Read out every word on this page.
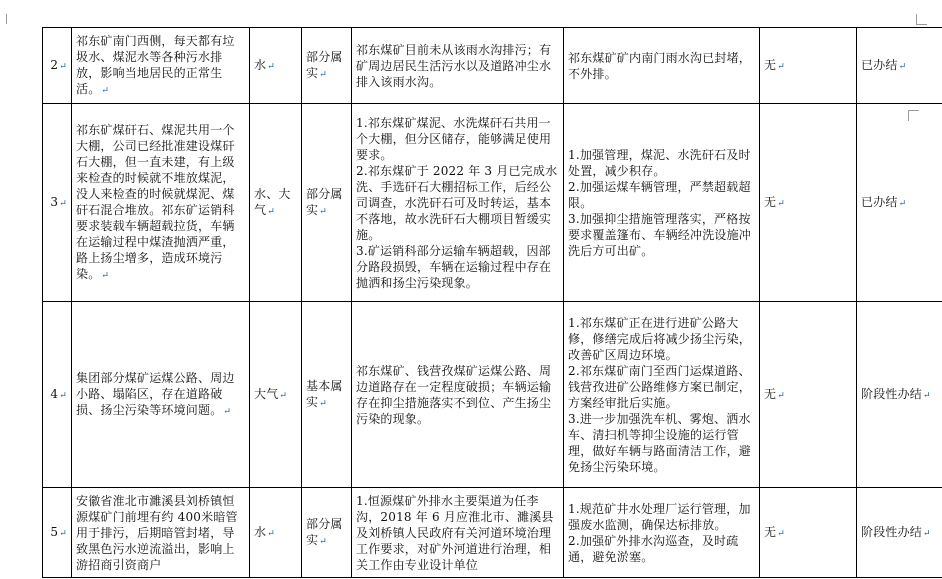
2↵	祁东矿南门西侧，每天都有垃圾水、煤泥水等各种污水排放，影响当地居民的正常生活。↵	水↵	部分属实↵	祁东煤矿目前未从该雨水沟排污；有矿周边居民生活污水以及道路冲尘水排入该雨水沟。	祁东煤矿矿内南门雨水沟已封堵，不外排。	无↵	已办结↵
3↵	祁东矿煤矸石、煤泥共用一个大棚，公司已经批准建设煤矸石大棚，但一直未建，有上级来检查的时候就不堆放煤泥，没人来检查的时候就煤泥、煤矸石混合堆放。祁东矿运销科要求装载车辆超载拉货，车辆在运输过程中煤渣抛洒严重，路上扬尘增多，造成环境污染。↵	水、大气↵	部分属实↵	1.祁东煤矿煤泥、水洗煤矸石共用一个大棚，但分区储存，能够满足使用要求。
2.祁东煤矿于 2022 年 3 月已完成水洗、手选矸石大棚招标工作，后经公司调查，水洗矸石可及时转运，基本不落地，故水洗矸石大棚项目暂缓实施。
3.矿运销科部分运输车辆超载，因部分路段损毁，车辆在运输过程中存在抛洒和扬尘污染现象。	1.加强管理，煤泥、水洗矸石及时处置，减少积存。
2.加强运煤车辆管理，严禁超载超限。
3.加强抑尘措施管理落实，严格按要求覆盖篷布、车辆经冲洗设施冲洗后方可出矿。	无↵	已办结↵
4↵	集团部分煤矿运煤公路、周边小路、塌陷区，存在道路破损、扬尘污染等环境问题。↵	大气↵	基本属实↵	祁东煤矿、钱营孜煤矿运煤公路、周边道路存在一定程度破损；车辆运输存在抑尘措施落实不到位、产生扬尘污染的现象。	1.祁东煤矿正在进行进矿公路大修，修缮完成后将减少扬尘污染，改善矿区周边环境。
2.祁东煤矿南门至西门运煤道路、钱营孜进矿公路维修方案已制定，方案经审批后实施。
3.进一步加强洗车机、雾炮、洒水车、清扫机等抑尘设施的运行管理，做好车辆与路面清洁工作，避免扬尘污染环境。	无↵	阶段性办结↵
5↵	安徽省淮北市濉溪县刘桥镇恒源煤矿门前埋有约 400米暗管用于排污，后期暗管封堵，导致黑色污水逆流溢出，影响上游招商引资商户	水↵	部分属实↵	1.恒源煤矿外排水主要渠道为任李沟，2018 年 6 月应淮北市、濉溪县及刘桥镇人民政府有关河道环境治理工作要求，对矿外河道进行治理，相关工作由专业设计单位	1.规范矿井水处理厂运行管理，加强废水监测，确保达标排放。
2.加强矿外排水沟巡查，及时疏通，避免淤塞。	无↵	阶段性办结↵
